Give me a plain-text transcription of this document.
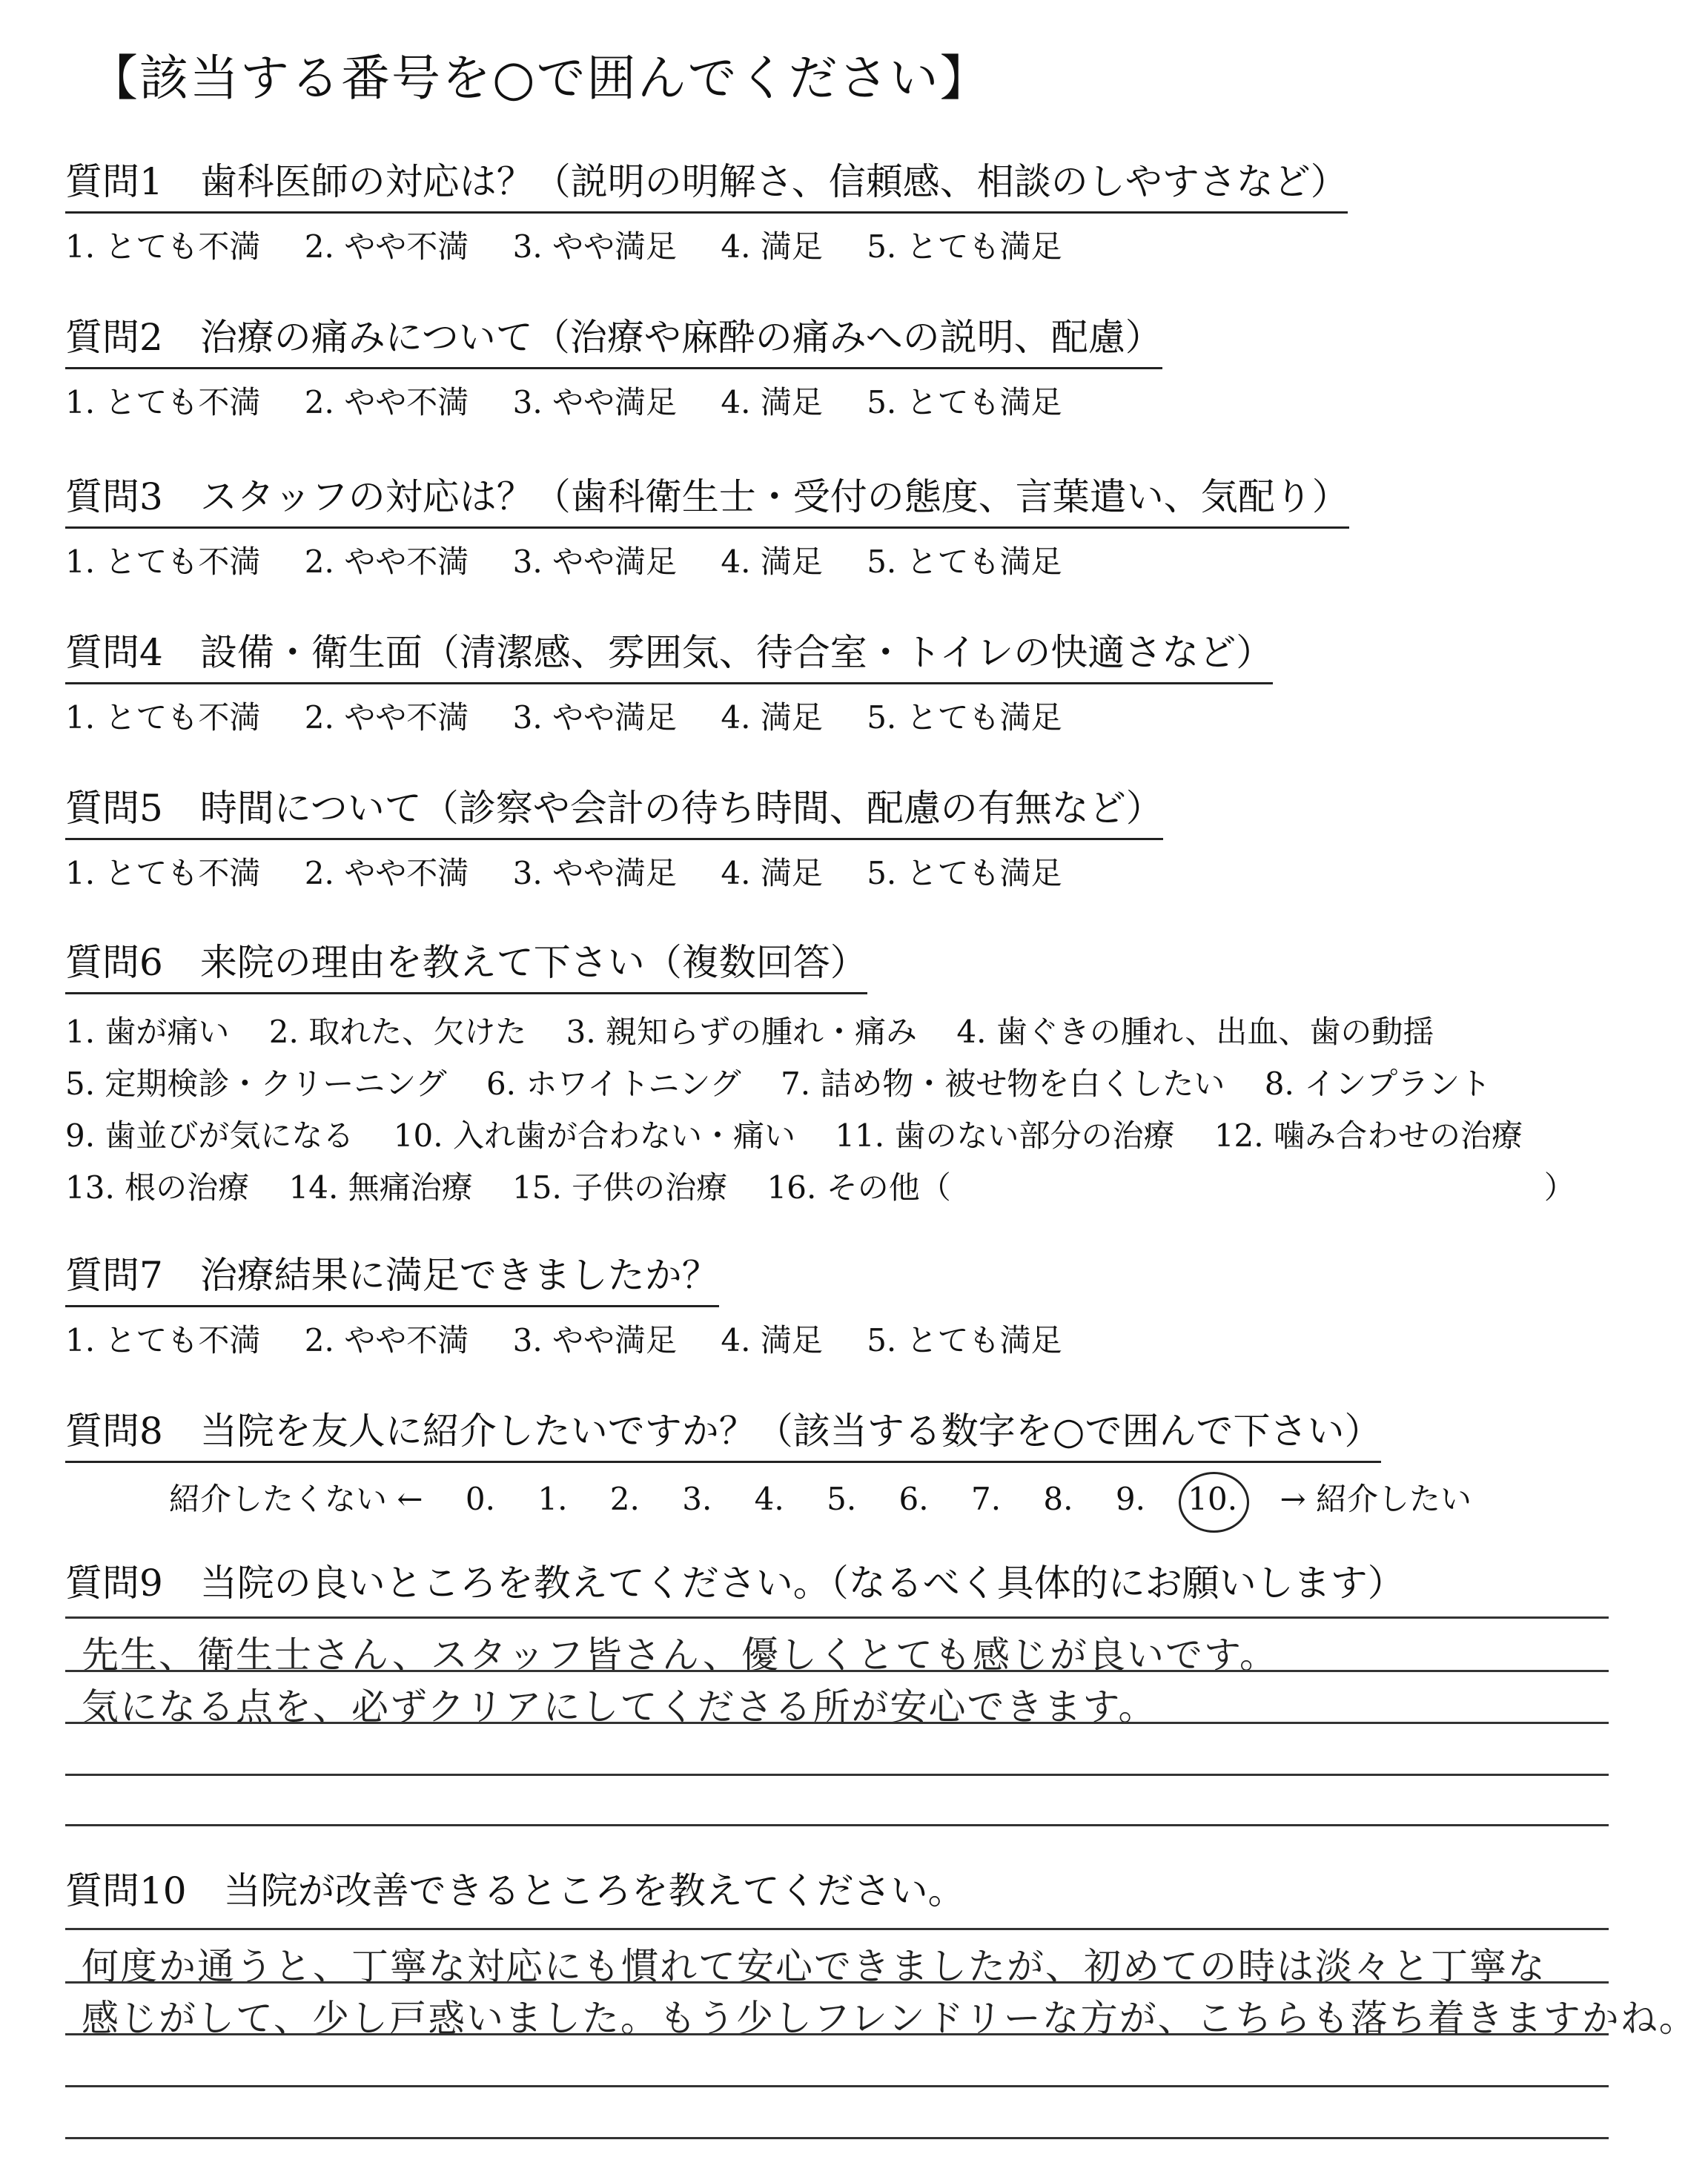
【該当する番号を○で囲んでください】
質問1 歯科医師の対応は？（説明の明解さ、信頼感、相談のしやすさなど）
1. とても不満 2. やや不満 3. やや満足 4. 満足 5. とても満足
質問2 治療の痛みについて（治療や麻酔の痛みへの説明、配慮）
1. とても不満 2. やや不満 3. やや満足 4. 満足 5. とても満足
質問3 スタッフの対応は？（歯科衛生士・受付の態度、言葉遣い、気配り）
1. とても不満 2. やや不満 3. やや満足 4. 満足 5. とても満足
質問4 設備・衛生面（清潔感、雰囲気、待合室・トイレの快適さなど）
1. とても不満 2. やや不満 3. やや満足 4. 満足 5. とても満足
質問5 時間について（診察や会計の待ち時間、配慮の有無など）
1. とても不満 2. やや不満 3. やや満足 4. 満足 5. とても満足
質問6 来院の理由を教えて下さい（複数回答）
1. 歯が痛い 2. 取れた、欠けた 3. 親知らずの腫れ・痛み 4. 歯ぐきの腫れ、出血、歯の動揺
5. 定期検診・クリーニング 6. ホワイトニング 7. 詰め物・被せ物を白くしたい 8. インプラント
9. 歯並びが気になる 10. 入れ歯が合わない・痛い 11. 歯のない部分の治療 12. 噛み合わせの治療
13. 根の治療 14. 無痛治療 15. 子供の治療 16. その他（	）
質問7 治療結果に満足できましたか？
1. とても不満 2. やや不満 3. やや満足 4. 満足 5. とても満足
質問8 当院を友人に紹介したいですか？（該当する数字を○で囲んで下さい）
紹介したくない ← 0. 1. 2. 3. 4. 5. 6. 7. 8. 9. 10. → 紹介したい
質問9 当院の良いところを教えてください。（なるべく具体的にお願いします）
先生、衛生士さん、スタッフ皆さん、優しくとても感じが良いです。
気になる点を、必ずクリアにしてくださる所が安心できます。
質問10 当院が改善できるところを教えてください。
何度か通うと、丁寧な対応にも慣れて安心できましたが、初めての時は淡々と丁寧な
感じがして、少し戸惑いました。もう少しフレンドリーな方が、こちらも落ち着きますかね。
